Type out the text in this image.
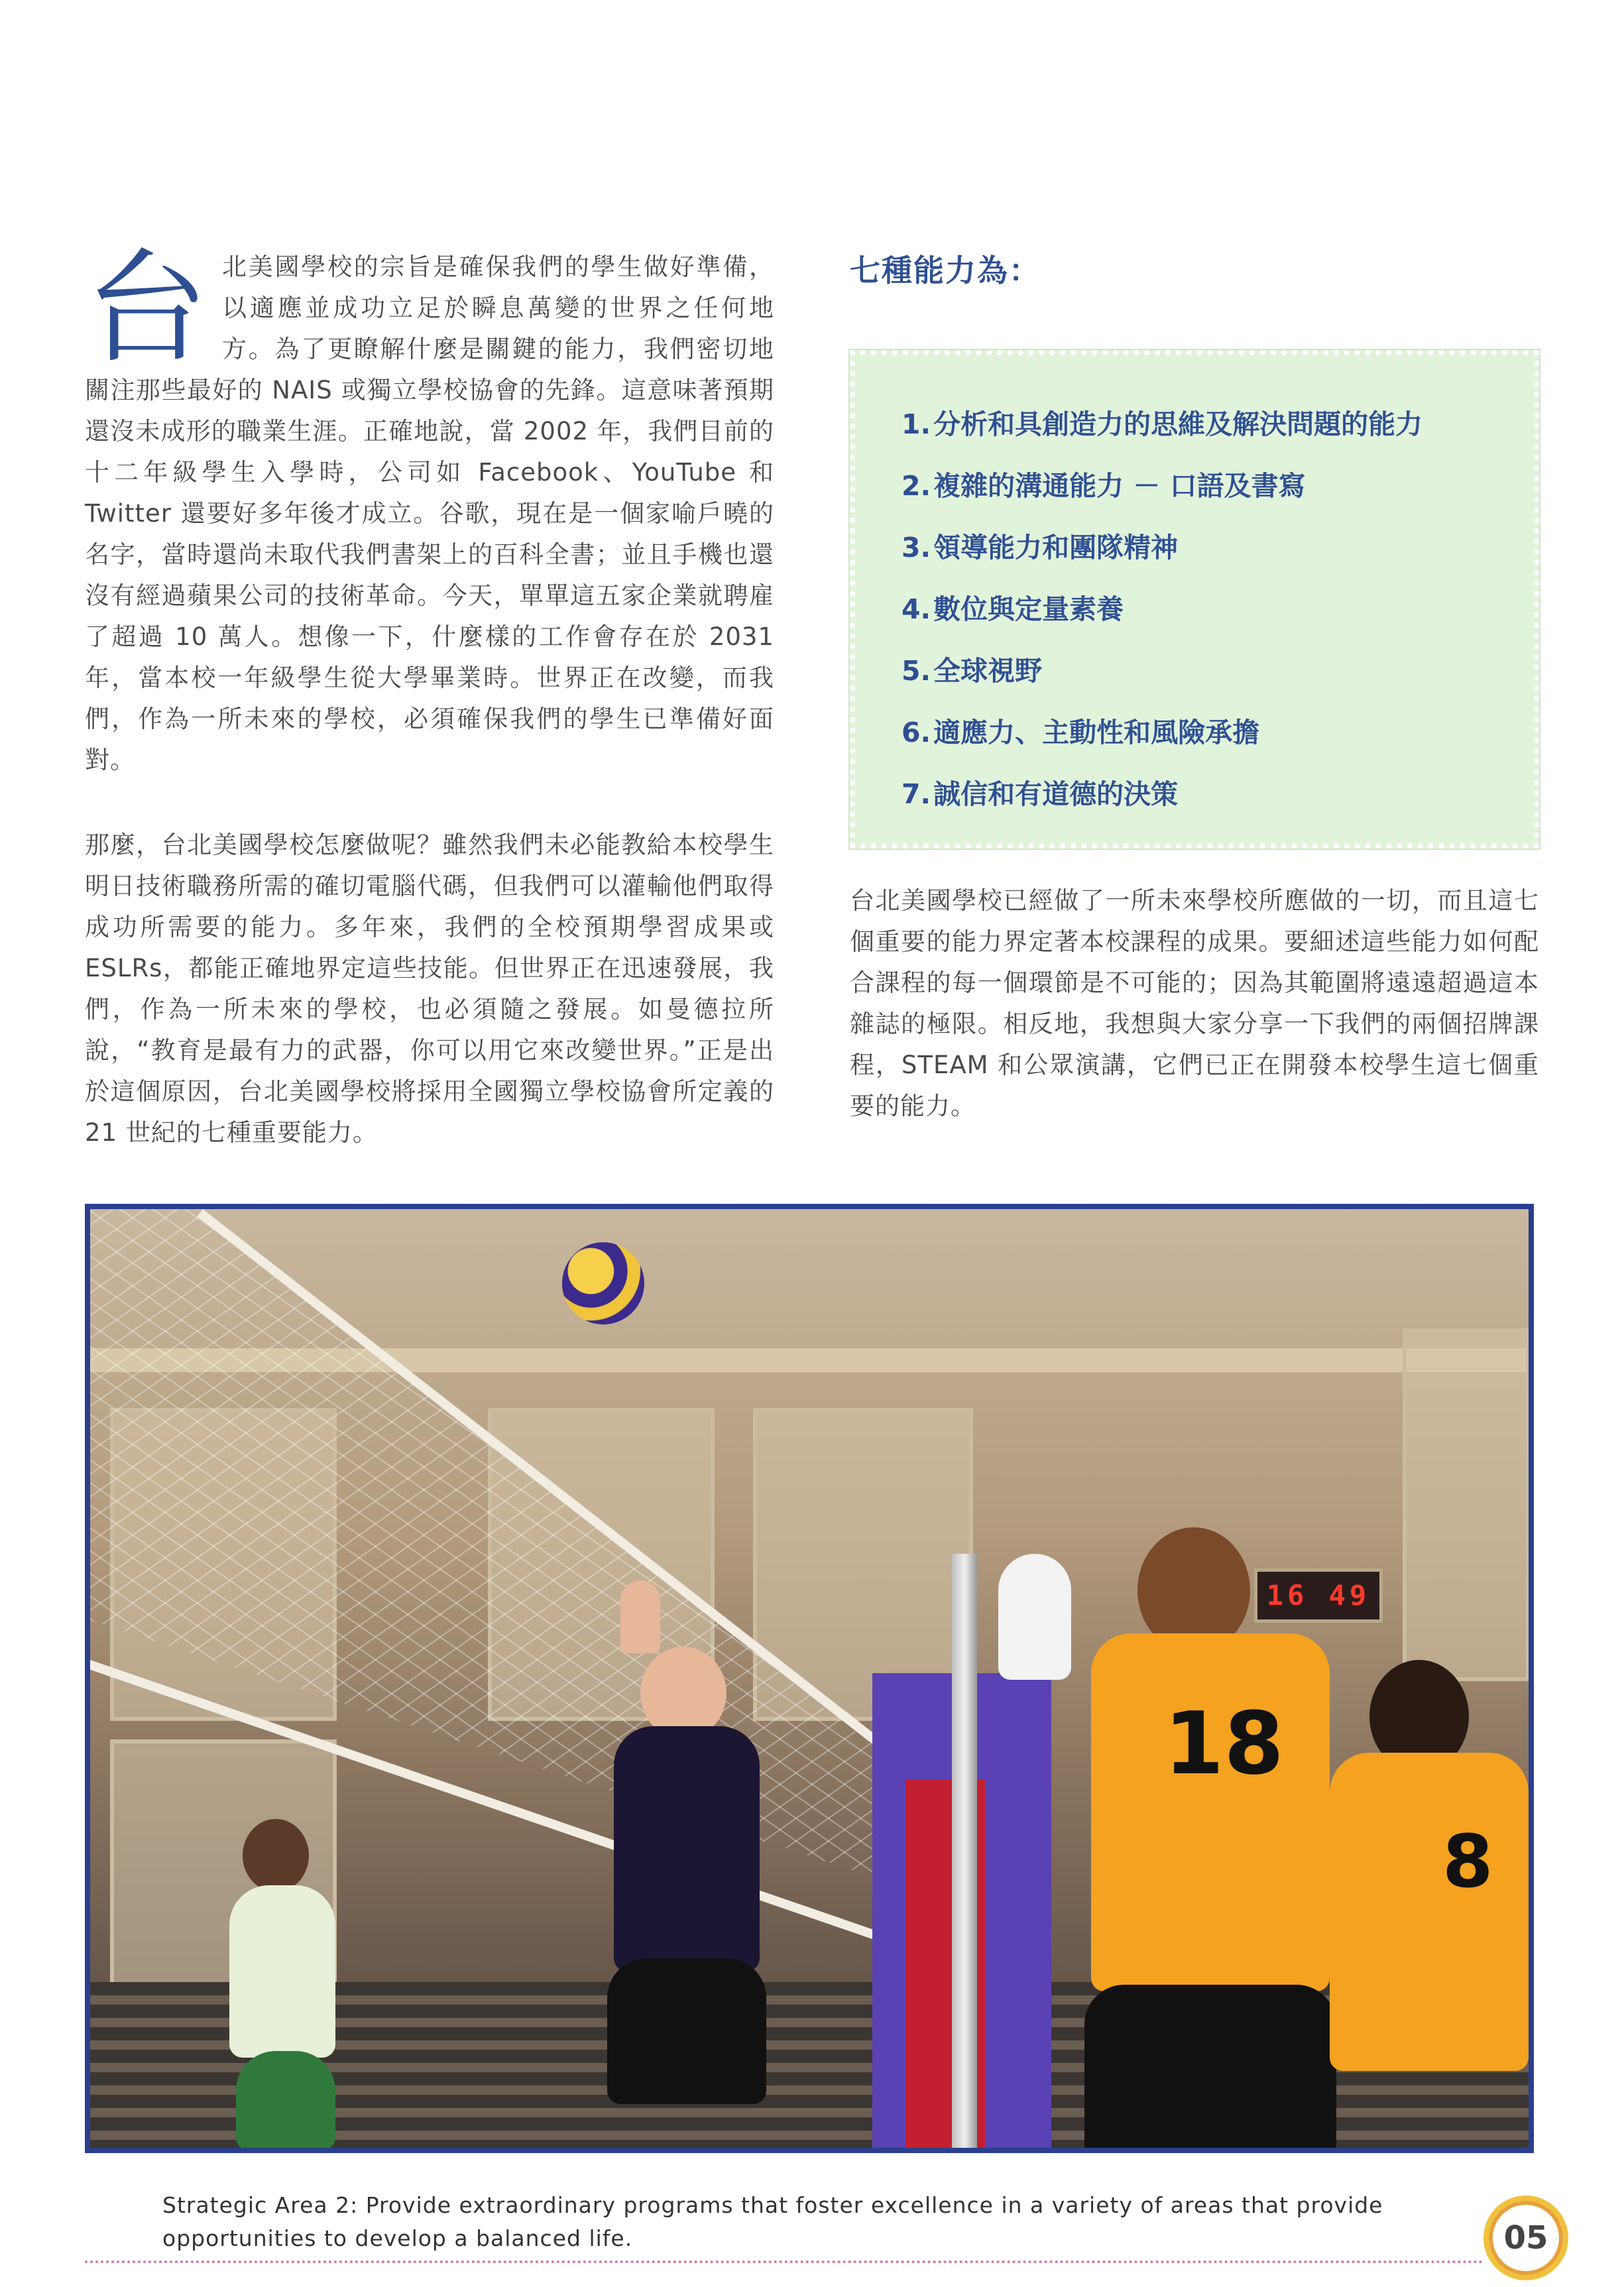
台北美國學校的宗旨是確保我們的學生做好準備，以適應並成功立足於瞬息萬變的世界之任何地方。為了更瞭解什麼是關鍵的能力，我們密切地關注那些最好的 NAIS 或獨立學校協會的先鋒。這意味著預期還沒未成形的職業生涯。正確地說，當 2002 年，我們目前的十二年級學生入學時，公司如 Facebook、YouTube 和 Twitter 還要好多年後才成立。谷歌，現在是一個家喻戶曉的名字，當時還尚未取代我們書架上的百科全書；並且手機也還沒有經過蘋果公司的技術革命。今天，單單這五家企業就聘雇了超過 10 萬人。想像一下，什麼樣的工作會存在於 2031 年，當本校一年級學生從大學畢業時。世界正在改變，而我們，作為一所未來的學校，必須確保我們的學生已準備好面對。

那麼，台北美國學校怎麼做呢？雖然我們未必能教給本校學生明日技術職務所需的確切電腦代碼，但我們可以灌輸他們取得成功所需要的能力。多年來，我們的全校預期學習成果或 ESLRs，都能正確地界定這些技能。但世界正在迅速發展，我們，作為一所未來的學校，也必須隨之發展。如曼德拉所說，“教育是最有力的武器，你可以用它來改變世界。”正是出於這個原因，台北美國學校將採用全國獨立學校協會所定義的 21 世紀的七種重要能力。

七種能力為：
1.分析和具創造力的思維及解決問題的能力
2.複雜的溝通能力 － 口語及書寫
3.領導能力和團隊精神
4.數位與定量素養
5.全球視野
6.適應力、主動性和風險承擔
7.誠信和有道德的決策

台北美國學校已經做了一所未來學校所應做的一切，而且這七個重要的能力界定著本校課程的成果。要細述這些能力如何配合課程的每一個環節是不可能的；因為其範圍將遠遠超過這本雜誌的極限。相反地，我想與大家分享一下我們的兩個招牌課程，STEAM 和公眾演講，它們已正在開發本校學生這七個重要的能力。

16 49
18
8
Strategic Area 2: Provide extraordinary programs that foster excellence in a variety of areas that provide opportunities to develop a balanced life.	05
